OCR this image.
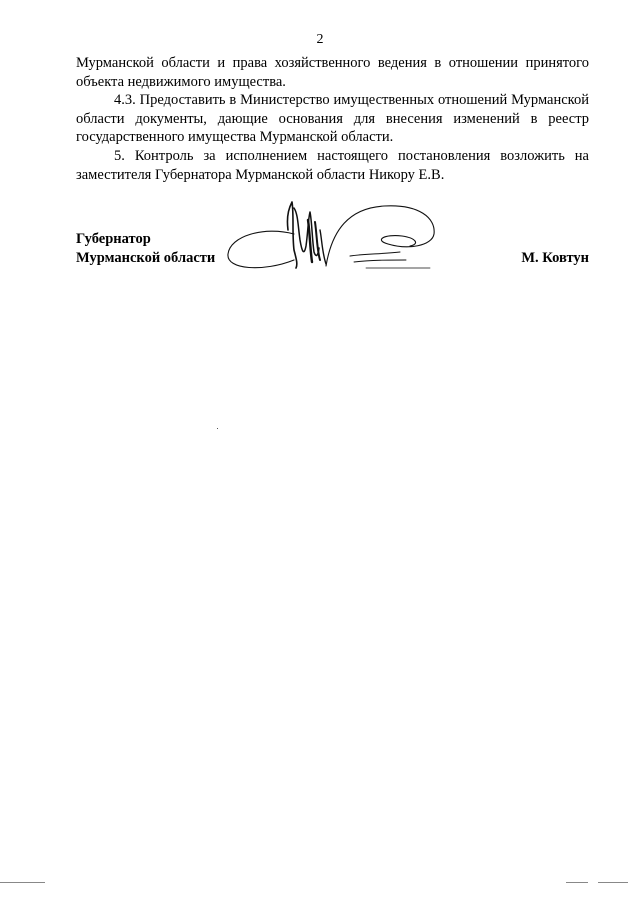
2

Мурманской области и права хозяйственного ведения в отношении принятого объекта недвижимого имущества.

4.3. Предоставить в Министерство имущественных отношений Мурманской области документы, дающие основания для внесения изменений в реестр государственного имущества Мурманской области.

5. Контроль за исполнением настоящего постановления возложить на заместителя Губернатора Мурманской области Никору Е.В.

Губернатор
Мурманской области	М. Ковтун
